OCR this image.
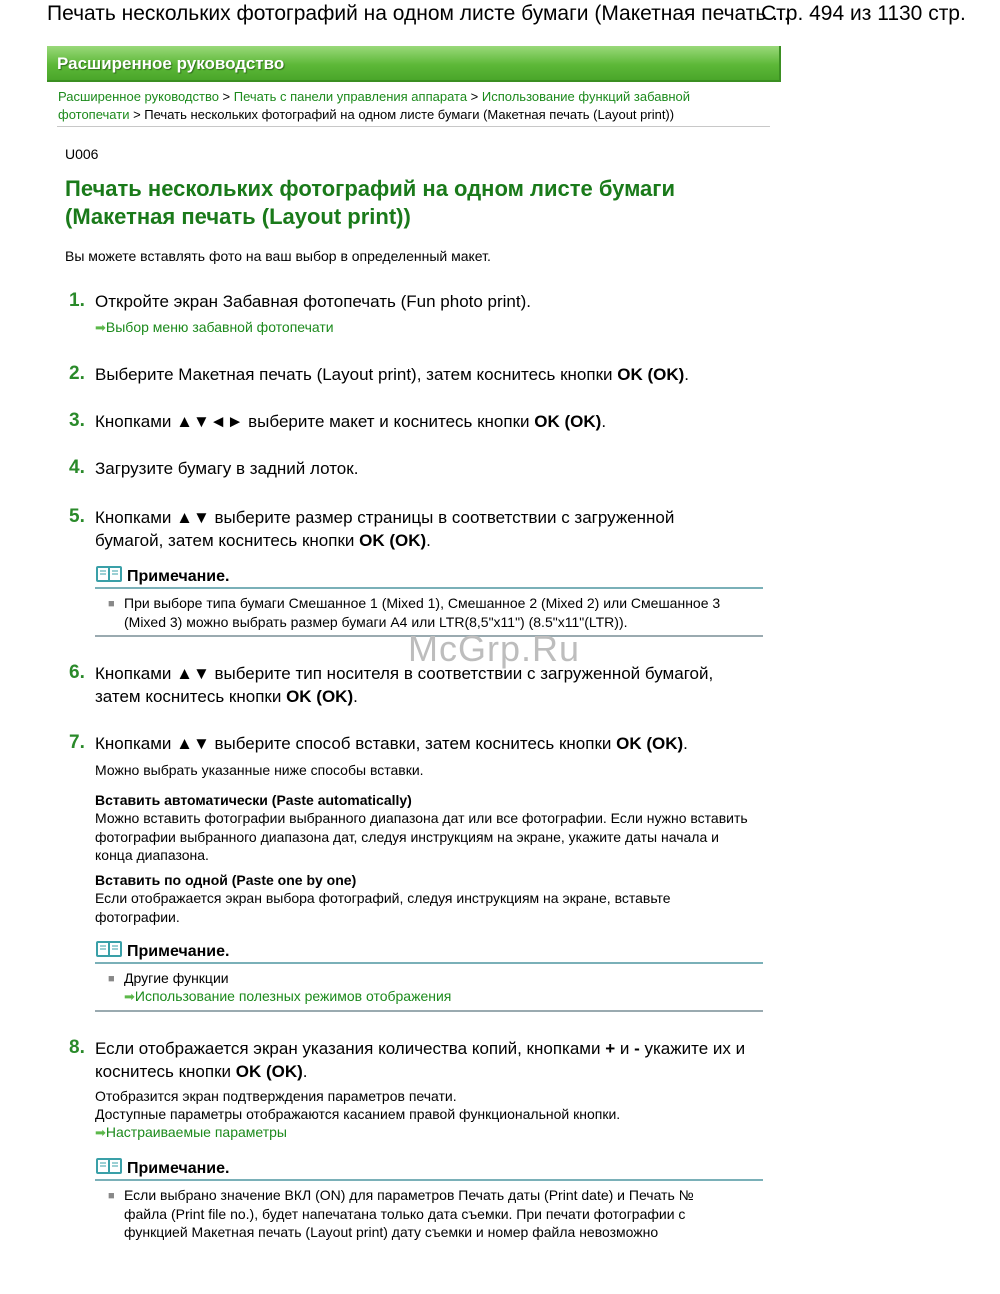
Печать нескольких фотографий на одном листе бумаги (Макетная печать ...
Стр. 494 из 1130 стр.
Расширенное руководство
Расширенное руководство > Печать с панели управления аппарата > Использование функций забавной фотопечати > Печать нескольких фотографий на одном листе бумаги (Макетная печать (Layout print))
U006
Печать нескольких фотографий на одном листе бумаги (Макетная печать (Layout print))
Вы можете вставлять фото на ваш выбор в определенный макет.
1. Откройте экран Забавная фотопечать (Fun photo print).
➡Выбор меню забавной фотопечати
2. Выберите Макетная печать (Layout print), затем коснитесь кнопки OK (OK).
3. Кнопками ▲▼◄► выберите макет и коснитесь кнопки OK (OK).
4. Загрузите бумагу в задний лоток.
5. Кнопками ▲▼ выберите размер страницы в соответствии с загруженной бумагой, затем коснитесь кнопки OK (OK).
Примечание.
■ При выборе типа бумаги Смешанное 1 (Mixed 1), Смешанное 2 (Mixed 2) или Смешанное 3 (Mixed 3) можно выбрать размер бумаги A4 или LTR(8,5"x11") (8.5"x11"(LTR)).
McGrp.Ru
6. Кнопками ▲▼ выберите тип носителя в соответствии с загруженной бумагой, затем коснитесь кнопки OK (OK).
7. Кнопками ▲▼ выберите способ вставки, затем коснитесь кнопки OK (OK).
Можно выбрать указанные ниже способы вставки.
Вставить автоматически (Paste automatically)
Можно вставить фотографии выбранного диапазона дат или все фотографии. Если нужно вставить фотографии выбранного диапазона дат, следуя инструкциям на экране, укажите даты начала и конца диапазона.
Вставить по одной (Paste one by one)
Если отображается экран выбора фотографий, следуя инструкциям на экране, вставьте фотографии.
Примечание.
■ Другие функции
➡Использование полезных режимов отображения
8. Если отображается экран указания количества копий, кнопками + и - укажите их и коснитесь кнопки OK (OK).
Отобразится экран подтверждения параметров печати.
Доступные параметры отображаются касанием правой функциональной кнопки.
➡Настраиваемые параметры
Примечание.
■ Если выбрано значение ВКЛ (ON) для параметров Печать даты (Print date) и Печать № файла (Print file no.), будет напечатана только дата съемки. При печати фотографии с функцией Макетная печать (Layout print) дату съемки и номер файла невозможно
